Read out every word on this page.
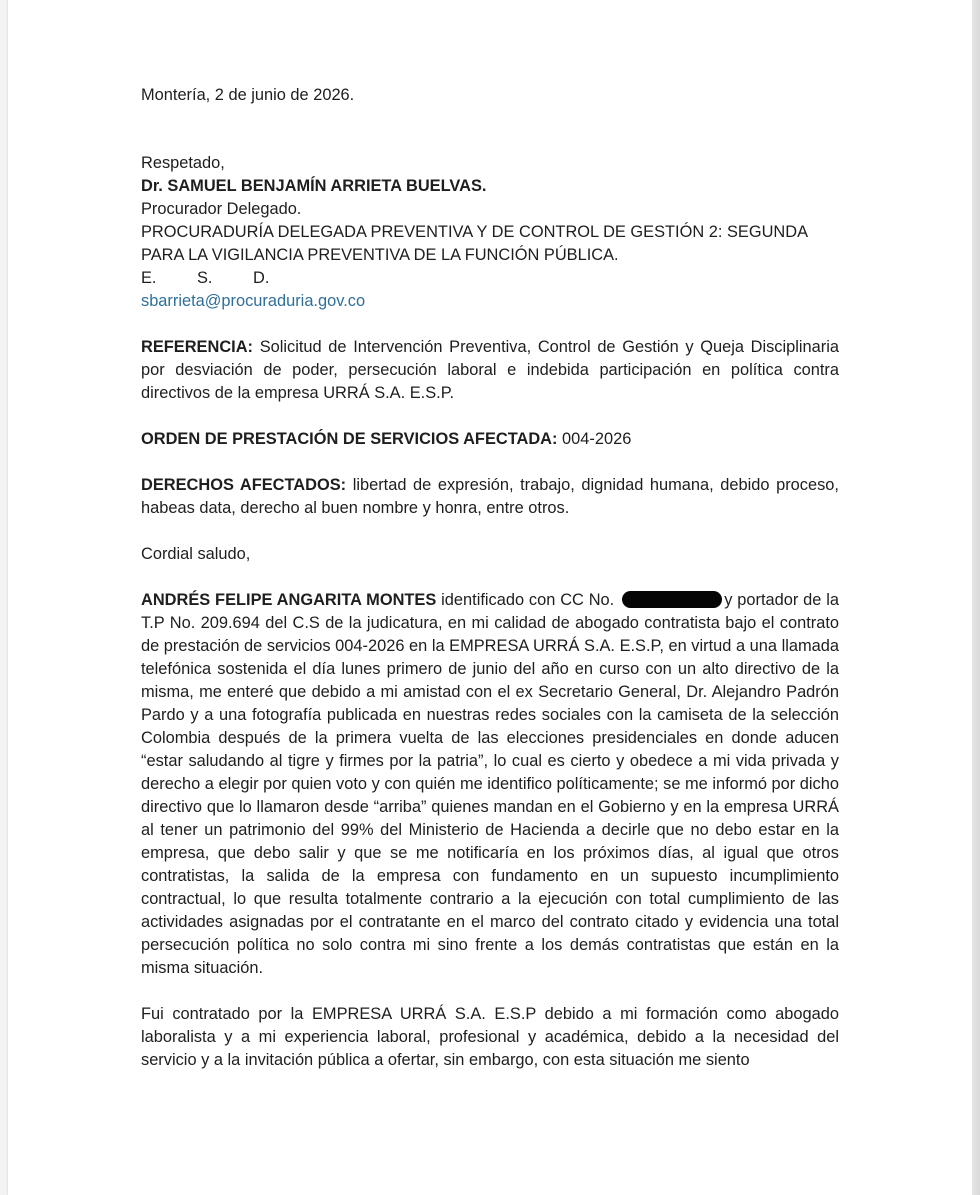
Montería, 2 de junio de 2026.

Respetado,

Dr. SAMUEL BENJAMÍN ARRIETA BUELVAS.

Procurador Delegado.

PROCURADURÍA DELEGADA PREVENTIVA Y DE CONTROL DE GESTIÓN 2: SEGUNDA

PARA LA VIGILANCIA PREVENTIVA DE LA FUNCIÓN PÚBLICA.

E. S. D.

sbarrieta@procuraduria.gov.co

REFERENCIA: Solicitud de Intervención Preventiva, Control de Gestión y Queja Disciplinaria por desviación de poder, persecución laboral e indebida participación en política contra directivos de la empresa URRÁ S.A. E.S.P.

ORDEN DE PRESTACIÓN DE SERVICIOS AFECTADA: 004-2026

DERECHOS AFECTADOS: libertad de expresión, trabajo, dignidad humana, debido proceso, habeas data, derecho al buen nombre y honra, entre otros.

Cordial saludo,

ANDRÉS FELIPE ANGARITA MONTES identificado con CC No.	y portador de la T.P No. 209.694 del C.S de la judicatura, en mi calidad de abogado contratista bajo el contrato de prestación de servicios 004-2026 en la EMPRESA URRÁ S.A. E.S.P, en virtud a una llamada telefónica sostenida el día lunes primero de junio del año en curso con un alto directivo de la misma, me enteré que debido a mi amistad con el ex Secretario General, Dr. Alejandro Padrón Pardo y a una fotografía publicada en nuestras redes sociales con la camiseta de la selección Colombia después de la primera vuelta de las elecciones presidenciales en donde aducen “estar saludando al tigre y firmes por la patria”, lo cual es cierto y obedece a mi vida privada y derecho a elegir por quien voto y con quién me identifico políticamente; se me informó por dicho directivo que lo llamaron desde “arriba” quienes mandan en el Gobierno y en la empresa URRÁ al tener un patrimonio del 99% del Ministerio de Hacienda a decirle que no debo estar en la empresa, que debo salir y que se me notificaría en los próximos días, al igual que otros contratistas, la salida de la empresa con fundamento en un supuesto incumplimiento contractual, lo que resulta totalmente contrario a la ejecución con total cumplimiento de las actividades asignadas por el contratante en el marco del contrato citado y evidencia una total persecución política no solo contra mi sino frente a los demás contratistas que están en la misma situación.

Fui contratado por la EMPRESA URRÁ S.A. E.S.P debido a mi formación como abogado laboralista y a mi experiencia laboral, profesional y académica, debido a la necesidad del servicio y a la invitación pública a ofertar, sin embargo, con esta situación me siento
